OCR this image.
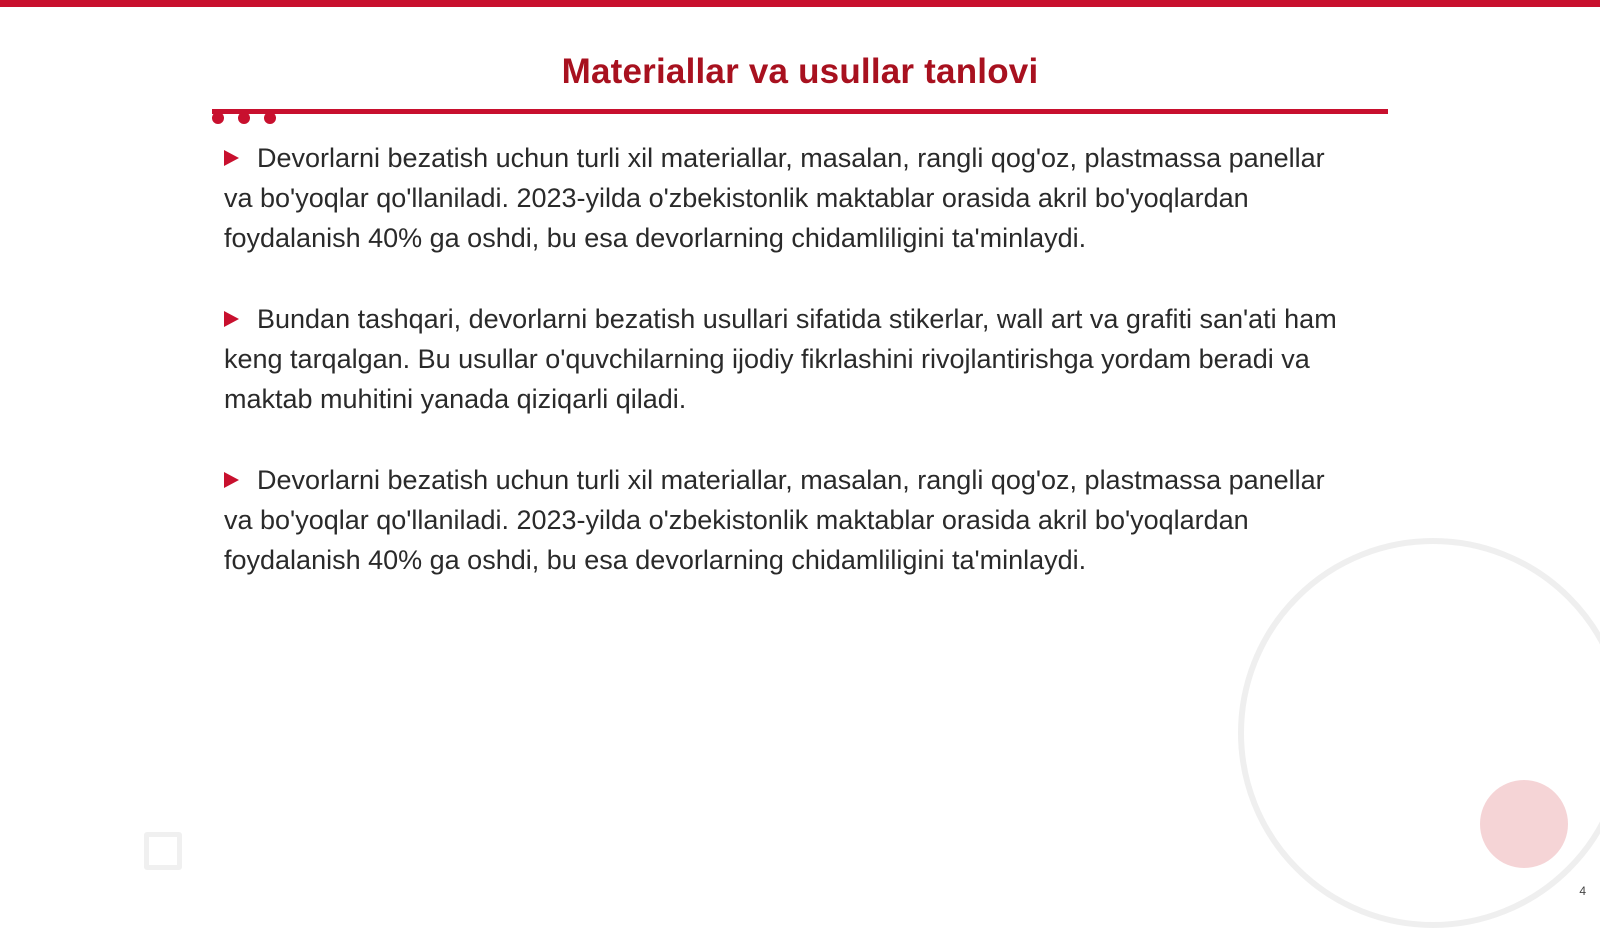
Materiallar va usullar tanlovi

Devorlarni bezatish uchun turli xil materiallar, masalan, rangli qog'oz, plastmassa panellar va bo'yoqlar qo'llaniladi. 2023-yilda o'zbekistonlik maktablar orasida akril bo'yoqlardan foydalanish 40% ga oshdi, bu esa devorlarning chidamliligini ta'minlaydi.

Bundan tashqari, devorlarni bezatish usullari sifatida stikerlar, wall art va grafiti san'ati ham keng tarqalgan. Bu usullar o'quvchilarning ijodiy fikrlashini rivojlantirishga yordam beradi va maktab muhitini yanada qiziqarli qiladi.

Devorlarni bezatish uchun turli xil materiallar, masalan, rangli qog'oz, plastmassa panellar va bo'yoqlar qo'llaniladi. 2023-yilda o'zbekistonlik maktablar orasida akril bo'yoqlardan foydalanish 40% ga oshdi, bu esa devorlarning chidamliligini ta'minlaydi.

4
